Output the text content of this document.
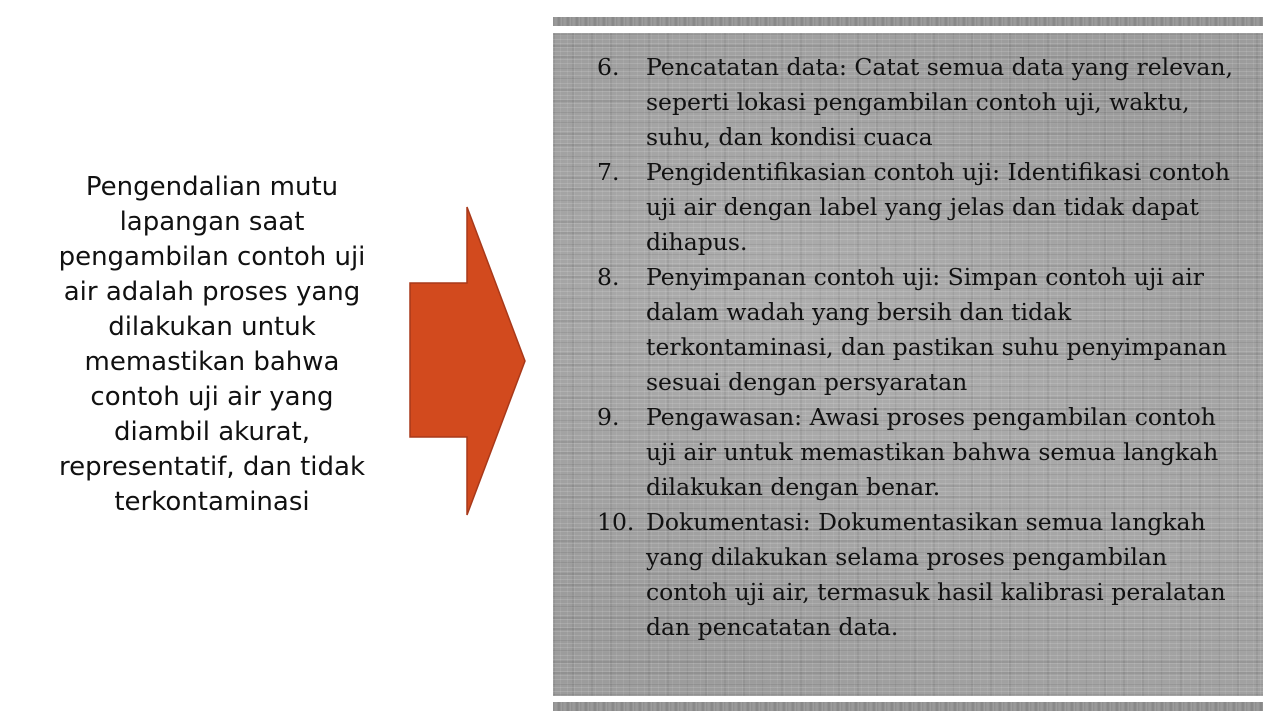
Pengendalian mutu lapangan saat pengambilan contoh uji air adalah proses yang dilakukan untuk memastikan bahwa contoh uji air yang diambil akurat, representatif, dan tidak terkontaminasi
6.	Pencatatan data: Catat semua data yang relevan, seperti lokasi pengambilan contoh uji, waktu, suhu, dan kondisi cuaca
7.	Pengidentifikasian contoh uji: Identifikasi contoh uji air dengan label yang jelas dan tidak dapat dihapus.
8.	Penyimpanan contoh uji: Simpan contoh uji air dalam wadah yang bersih dan tidak terkontaminasi, dan pastikan suhu penyimpanan sesuai dengan persyaratan
9.	Pengawasan: Awasi proses pengambilan contoh uji air untuk memastikan bahwa semua langkah dilakukan dengan benar.
10. Dokumentasi: Dokumentasikan semua langkah yang dilakukan selama proses pengambilan contoh uji air, termasuk hasil kalibrasi peralatan dan pencatatan data.
